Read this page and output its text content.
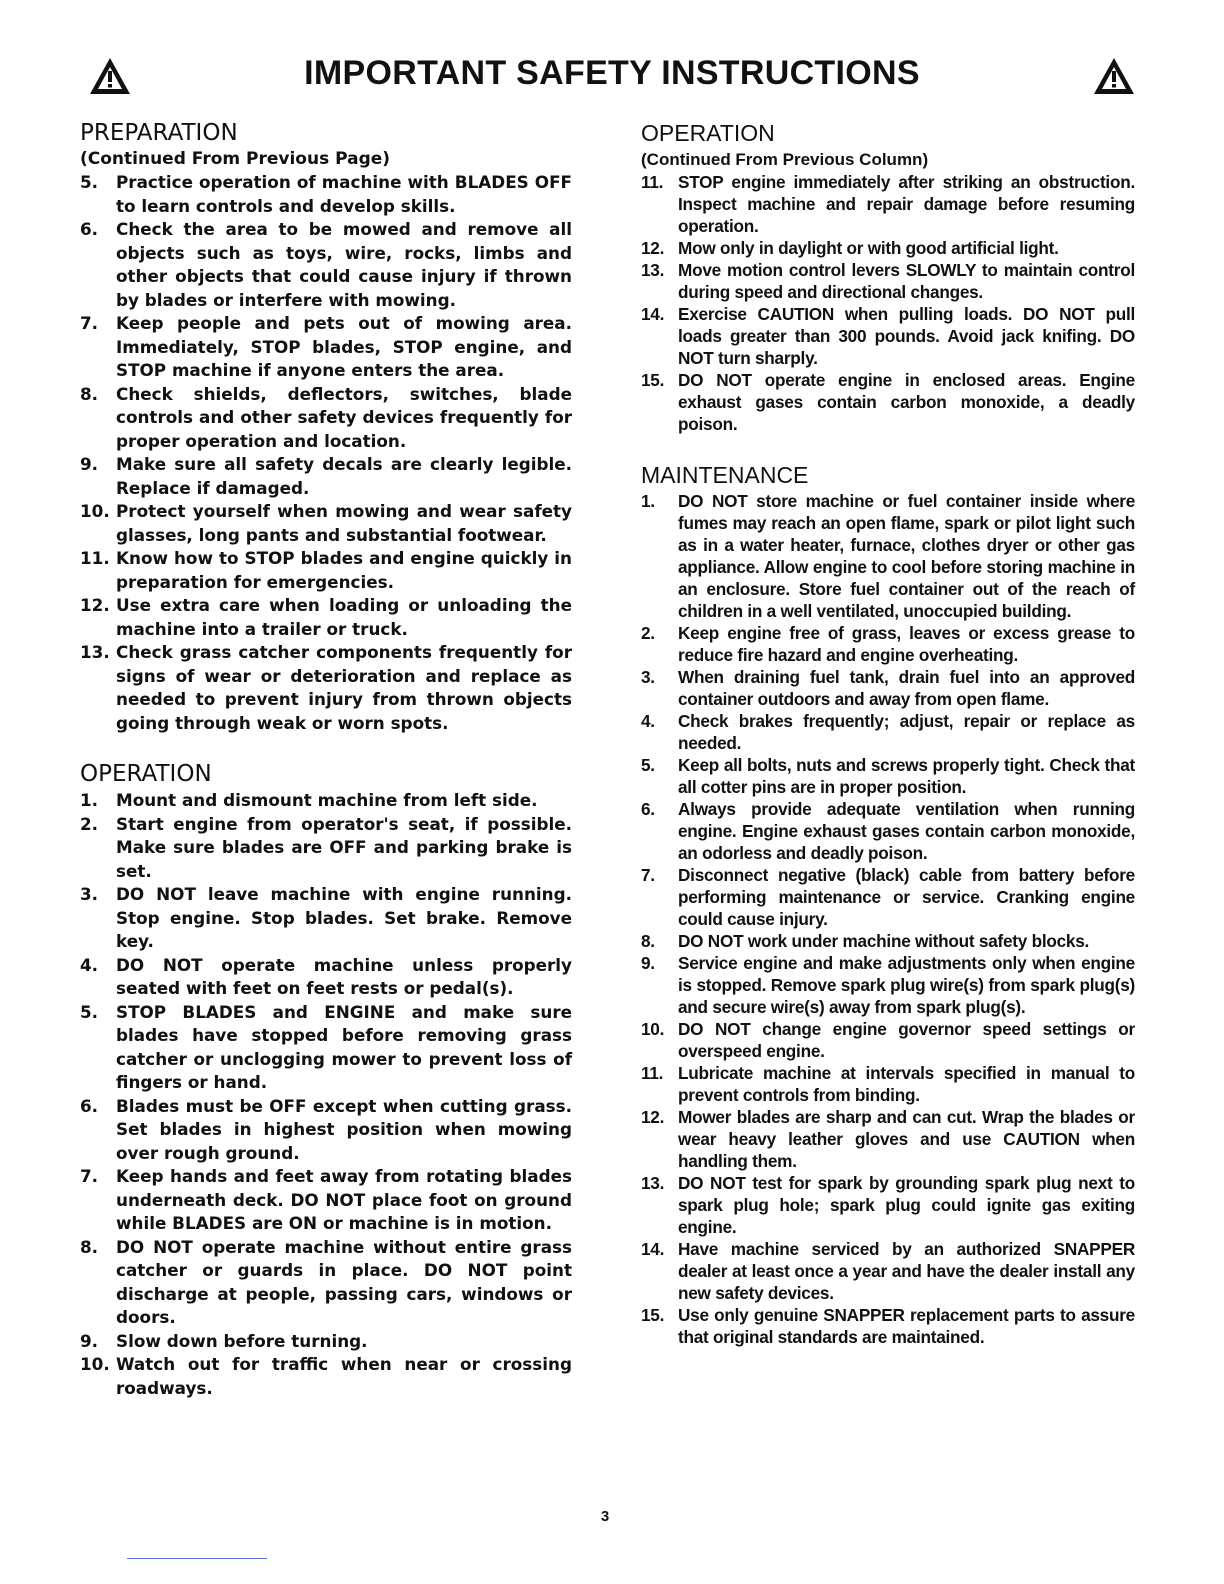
IMPORTANT SAFETY INSTRUCTIONS
PREPARATION
(Continued From Previous Page)
5. Practice operation of machine with BLADES OFF to learn controls and develop skills.
6. Check the area to be mowed and remove all objects such as toys, wire, rocks, limbs and other objects that could cause injury if thrown by blades or interfere with mowing.
7. Keep people and pets out of mowing area. Immediately, STOP blades, STOP engine, and STOP machine if anyone enters the area.
8. Check shields, deflectors, switches, blade controls and other safety devices frequently for proper operation and location.
9. Make sure all safety decals are clearly legible. Replace if damaged.
10. Protect yourself when mowing and wear safety glasses, long pants and substantial footwear.
11. Know how to STOP blades and engine quickly in preparation for emergencies.
12. Use extra care when loading or unloading the machine into a trailer or truck.
13. Check grass catcher components frequently for signs of wear or deterioration and replace as needed to prevent injury from thrown objects going through weak or worn spots.
OPERATION
1. Mount and dismount machine from left side.
2. Start engine from operator's seat, if possible. Make sure blades are OFF and parking brake is set.
3. DO NOT leave machine with engine running. Stop engine. Stop blades. Set brake. Remove key.
4. DO NOT operate machine unless properly seated with feet on feet rests or pedal(s).
5. STOP BLADES and ENGINE and make sure blades have stopped before removing grass catcher or unclogging mower to prevent loss of fingers or hand.
6. Blades must be OFF except when cutting grass. Set blades in highest position when mowing over rough ground.
7. Keep hands and feet away from rotating blades underneath deck. DO NOT place foot on ground while BLADES are ON or machine is in motion.
8. DO NOT operate machine without entire grass catcher or guards in place. DO NOT point discharge at people, passing cars, windows or doors.
9. Slow down before turning.
10. Watch out for traffic when near or crossing roadways.
OPERATION
(Continued From Previous Column)
11. STOP engine immediately after striking an obstruction. Inspect machine and repair damage before resuming operation.
12. Mow only in daylight or with good artificial light.
13. Move motion control levers SLOWLY to maintain control during speed and directional changes.
14. Exercise CAUTION when pulling loads. DO NOT pull loads greater than 300 pounds. Avoid jack knifing. DO NOT turn sharply.
15. DO NOT operate engine in enclosed areas. Engine exhaust gases contain carbon monoxide, a deadly poison.
MAINTENANCE
1. DO NOT store machine or fuel container inside where fumes may reach an open flame, spark or pilot light such as in a water heater, furnace, clothes dryer or other gas appliance. Allow engine to cool before storing machine in an enclosure. Store fuel container out of the reach of children in a well ventilated, unoccupied building.
2. Keep engine free of grass, leaves or excess grease to reduce fire hazard and engine overheating.
3. When draining fuel tank, drain fuel into an approved container outdoors and away from open flame.
4. Check brakes frequently; adjust, repair or replace as needed.
5. Keep all bolts, nuts and screws properly tight. Check that all cotter pins are in proper position.
6. Always provide adequate ventilation when running engine. Engine exhaust gases contain carbon monoxide, an odorless and deadly poison.
7. Disconnect negative (black) cable from battery before performing maintenance or service. Cranking engine could cause injury.
8. DO NOT work under machine without safety blocks.
9. Service engine and make adjustments only when engine is stopped. Remove spark plug wire(s) from spark plug(s) and secure wire(s) away from spark plug(s).
10. DO NOT change engine governor speed settings or overspeed engine.
11. Lubricate machine at intervals specified in manual to prevent controls from binding.
12. Mower blades are sharp and can cut. Wrap the blades or wear heavy leather gloves and use CAUTION when handling them.
13. DO NOT test for spark by grounding spark plug next to spark plug hole; spark plug could ignite gas exiting engine.
14. Have machine serviced by an authorized SNAPPER dealer at least once a year and have the dealer install any new safety devices.
15. Use only genuine SNAPPER replacement parts to assure that original standards are maintained.
3
